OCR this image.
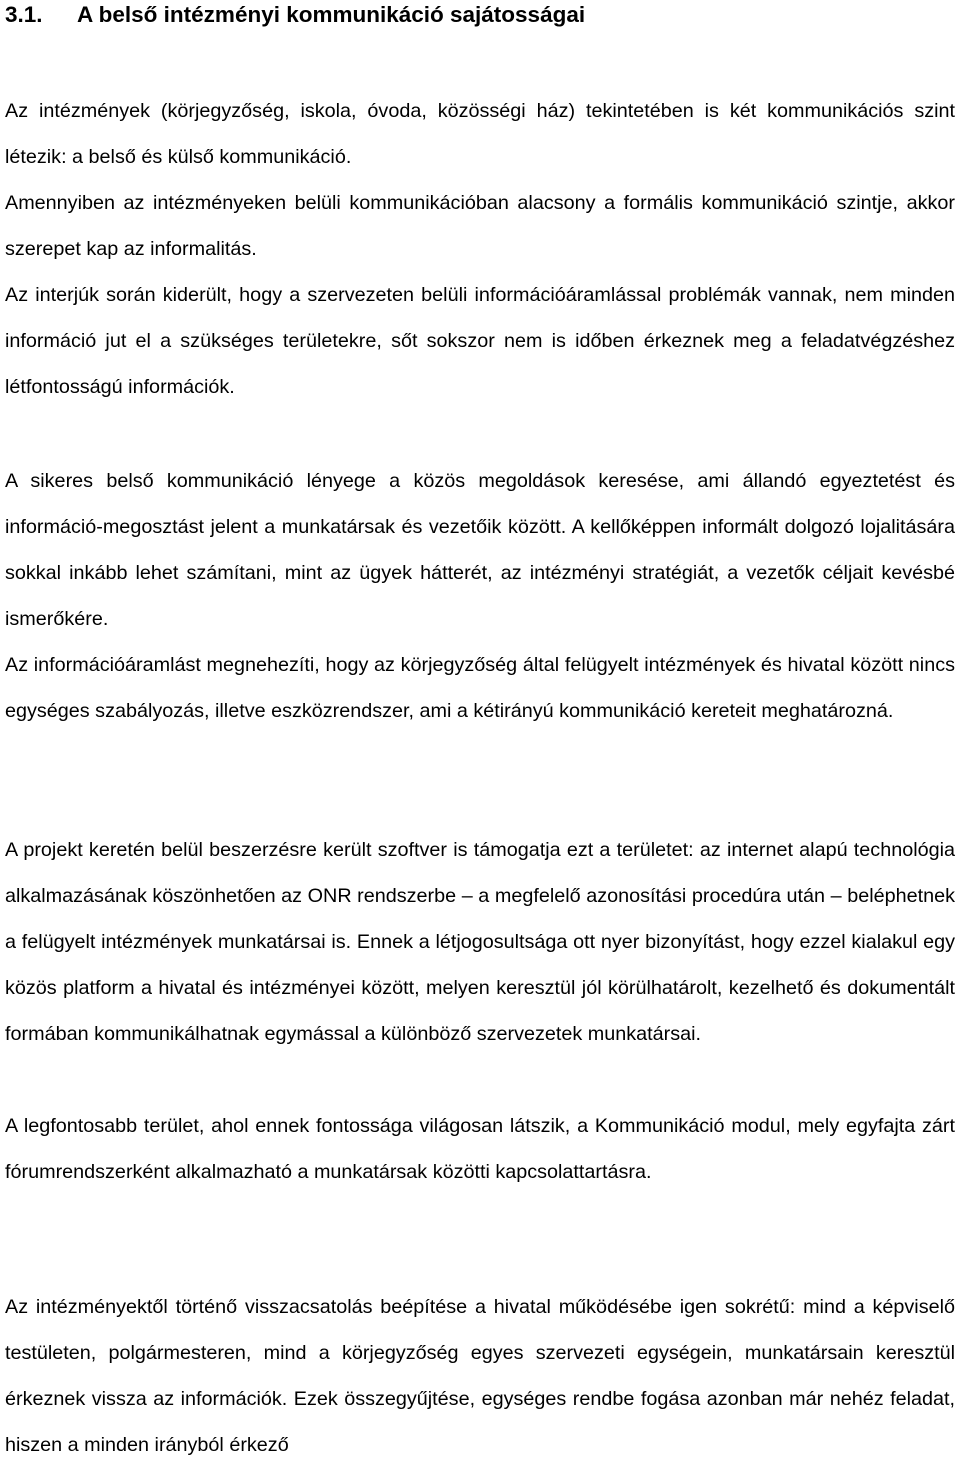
3.1. A belső intézményi kommunikáció sajátosságai

Az intézmények (körjegyzőség, iskola, óvoda, közösségi ház) tekintetében is két kommunikációs szint létezik: a belső és külső kommunikáció.

Amennyiben az intézményeken belüli kommunikációban alacsony a formális kommunikáció szintje, akkor szerepet kap az informalitás.

Az interjúk során kiderült, hogy a szervezeten belüli információáramlással problémák vannak, nem minden információ jut el a szükséges területekre, sőt sokszor nem is időben érkeznek meg a feladatvégzéshez létfontosságú információk.

A sikeres belső kommunikáció lényege a közös megoldások keresése, ami állandó egyeztetést és információ-megosztást jelent a munkatársak és vezetőik között. A kellőképpen informált dolgozó lojalitására sokkal inkább lehet számítani, mint az ügyek hátterét, az intézményi stratégiát, a vezetők céljait kevésbé ismerőkére.

Az információáramlást megnehezíti, hogy az körjegyzőség által felügyelt intézmények és hivatal között nincs egységes szabályozás, illetve eszközrendszer, ami a kétirányú kommunikáció kereteit meghatározná.

A projekt keretén belül beszerzésre került szoftver is támogatja ezt a területet: az internet alapú technológia alkalmazásának köszönhetően az ONR rendszerbe – a megfelelő azonosítási procedúra után – beléphetnek a felügyelt intézmények munkatársai is. Ennek a létjogosultsága ott nyer bizonyítást, hogy ezzel kialakul egy közös platform a hivatal és intézményei között, melyen keresztül jól körülhatárolt, kezelhető és dokumentált formában kommunikálhatnak egymással a különböző szervezetek munkatársai.

A legfontosabb terület, ahol ennek fontossága világosan látszik, a Kommunikáció modul, mely egyfajta zárt fórumrendszerként alkalmazható a munkatársak közötti kapcsolattartásra.

Az intézményektől történő visszacsatolás beépítése a hivatal működésébe igen sokrétű: mind a képviselő testületen, polgármesteren, mind a körjegyzőség egyes szervezeti egységein, munkatársain keresztül érkeznek vissza az információk. Ezek összegyűjtése, egységes rendbe fogása azonban már nehéz feladat, hiszen a minden irányból érkező
